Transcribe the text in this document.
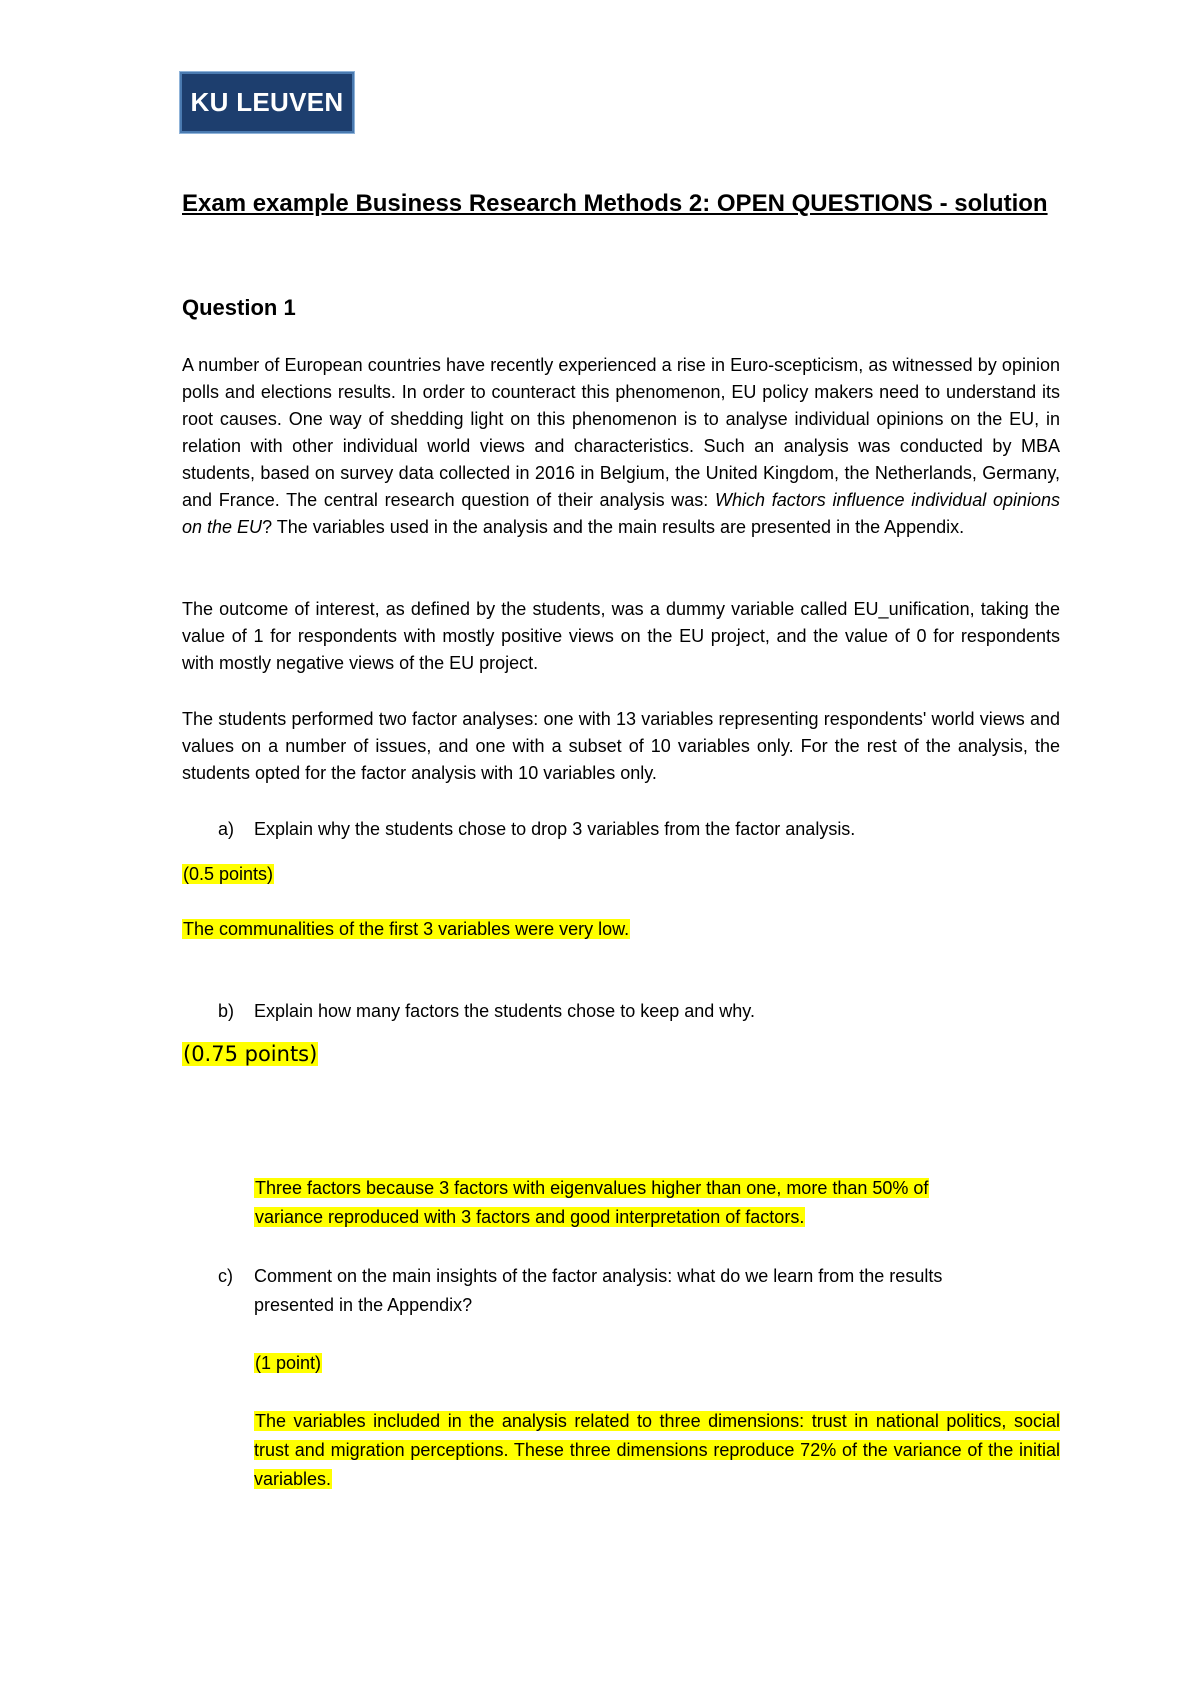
KU LEUVEN
Exam example Business Research Methods 2: OPEN QUESTIONS - solution
Question 1

A number of European countries have recently experienced a rise in Euro-scepticism, as witnessed by opinion polls and elections results. In order to counteract this phenomenon, EU policy makers need to understand its root causes. One way of shedding light on this phenomenon is to analyse individual opinions on the EU, in relation with other individual world views and characteristics. Such an analysis was conducted by MBA students, based on survey data collected in 2016 in Belgium, the United Kingdom, the Netherlands, Germany, and France. The central research question of their analysis was: Which factors influence individual opinions on the EU? The variables used in the analysis and the main results are presented in the Appendix.

The outcome of interest, as defined by the students, was a dummy variable called EU_unification, taking the value of 1 for respondents with mostly positive views on the EU project, and the value of 0 for respondents with mostly negative views of the EU project.

The students performed two factor analyses: one with 13 variables representing respondents' world views and values on a number of issues, and one with a subset of 10 variables only. For the rest of the analysis, the students opted for the factor analysis with 10 variables only.

a)	Explain why the students chose to drop 3 variables from the factor analysis.
(0.5 points)
The communalities of the first 3 variables were very low.
b)	Explain how many factors the students chose to keep and why.
(0.75 points)
Three factors because 3 factors with eigenvalues higher than one, more than 50% of
variance reproduced with 3 factors and good interpretation of factors.
c)	Comment on the main insights of the factor analysis: what do we learn from the results
presented in the Appendix?
(1 point)
The variables included in the analysis related to three dimensions: trust in national politics, social trust and migration perceptions. These three dimensions reproduce 72% of the variance of the initial variables.
